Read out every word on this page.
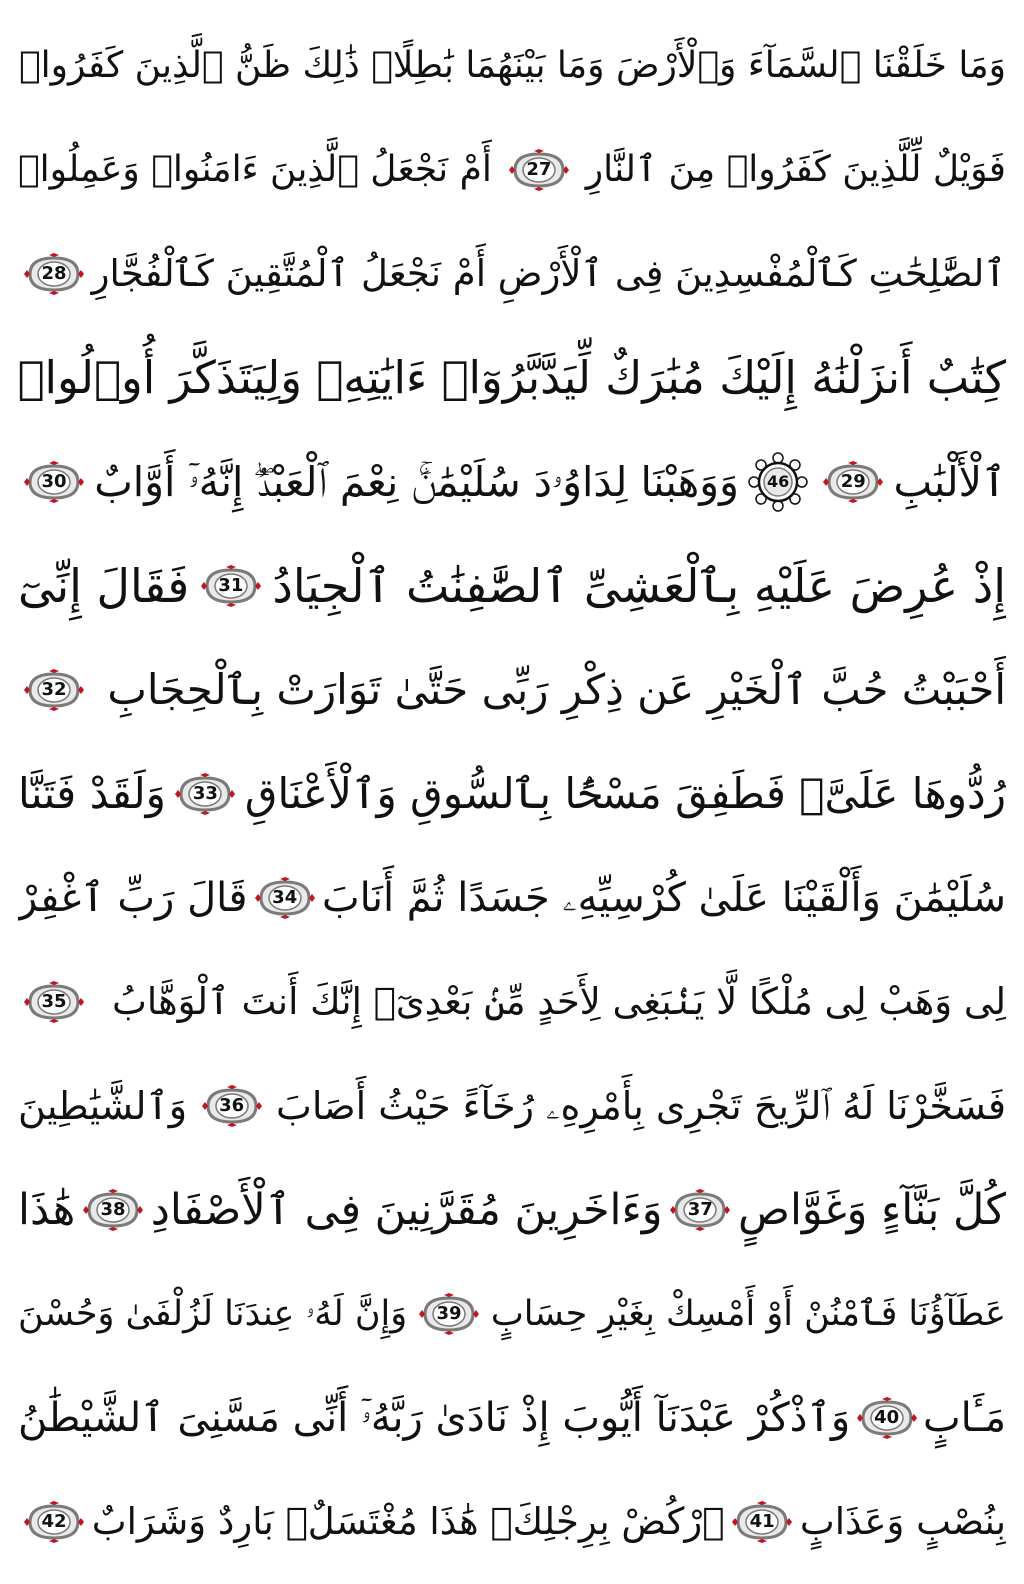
وَمَا خَلَقْنَا ٱلسَّمَآءَ وَٱلْأَرْضَ وَمَا بَيْنَهُمَا بَٰطِلًاۚ ذَٰلِكَ ظَنُّ ٱلَّذِينَ كَفَرُوا۟
فَوَيْلٌ لِّلَّذِينَ كَفَرُوا۟ مِنَ ٱلنَّارِ
27
أَمْ نَجْعَلُ ٱلَّذِينَ ءَامَنُوا۟ وَعَمِلُوا۟
ٱلصَّٰلِحَٰتِ كَٱلْمُفْسِدِينَ فِى ٱلْأَرْضِ أَمْ نَجْعَلُ ٱلْمُتَّقِينَ كَٱلْفُجَّارِ
28
كِتَٰبٌ أَنزَلْنَٰهُ إِلَيْكَ مُبَٰرَكٌ لِّيَدَّبَّرُوٓا۟ ءَايَٰتِهِۦ وَلِيَتَذَكَّرَ أُو۟لُوا۟
ٱلْأَلْبَٰبِ
29
46
وَوَهَبْنَا لِدَاوُۥدَ سُلَيْمَٰنَۚ نِعْمَ ٱلْعَبْدُۖ إِنَّهُۥٓ أَوَّابٌ
30
إِذْ عُرِضَ عَلَيْهِ بِٱلْعَشِىِّ ٱلصَّٰفِنَٰتُ ٱلْجِيَادُ
31
فَقَالَ إِنِّىٓ
أَحْبَبْتُ حُبَّ ٱلْخَيْرِ عَن ذِكْرِ رَبِّى حَتَّىٰ تَوَارَتْ بِٱلْحِجَابِ
32
رُدُّوهَا عَلَىَّۖ فَطَفِقَ مَسْحًۢا بِٱلسُّوقِ وَٱلْأَعْنَاقِ
33
وَلَقَدْ فَتَنَّا
سُلَيْمَٰنَ وَأَلْقَيْنَا عَلَىٰ كُرْسِيِّهِۦ جَسَدًا ثُمَّ أَنَابَ
34
قَالَ رَبِّ ٱغْفِرْ
لِى وَهَبْ لِى مُلْكًا لَّا يَنۢبَغِى لِأَحَدٍ مِّنۢ بَعْدِىٓۖ إِنَّكَ أَنتَ ٱلْوَهَّابُ
35
فَسَخَّرْنَا لَهُ ٱلرِّيحَ تَجْرِى بِأَمْرِهِۦ رُخَآءً حَيْثُ أَصَابَ
36
وَٱلشَّيَٰطِينَ
كُلَّ بَنَّآءٍ وَغَوَّاصٍ
37
وَءَاخَرِينَ مُقَرَّنِينَ فِى ٱلْأَصْفَادِ
38
هَٰذَا
عَطَآؤُنَا فَٱمْنُنْ أَوْ أَمْسِكْ بِغَيْرِ حِسَابٍ
39
وَإِنَّ لَهُۥ عِندَنَا لَزُلْفَىٰ وَحُسْنَ
مَـَٔابٍ
40
وَٱذْكُرْ عَبْدَنَآ أَيُّوبَ إِذْ نَادَىٰ رَبَّهُۥٓ أَنِّى مَسَّنِىَ ٱلشَّيْطَٰنُ
بِنُصْبٍ وَعَذَابٍ
41
ٱرْكُضْ بِرِجْلِكَۖ هَٰذَا مُغْتَسَلٌۢ بَارِدٌ وَشَرَابٌ
42
